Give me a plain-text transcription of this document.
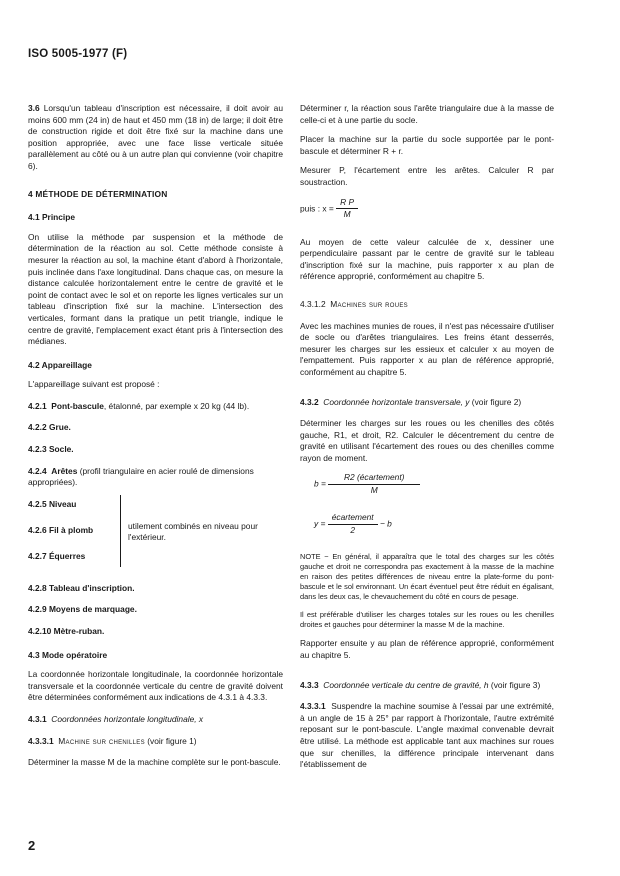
ISO 5005-1977 (F)

3.6 Lorsqu'un tableau d'inscription est nécessaire, il doit avoir au moins 600 mm (24 in) de haut et 450 mm (18 in) de large; il doit être de construction rigide et doit être fixé sur la machine dans une position appropriée, avec une face lisse verticale située parallèlement au côté ou à un autre plan qui convienne (voir chapitre 6).

4 MÉTHODE DE DÉTERMINATION
4.1 Principe

On utilise la méthode par suspension et la méthode de détermination de la réaction au sol. Cette méthode consiste à mesurer la réaction au sol, la machine étant d'abord à l'horizontale, puis inclinée dans l'axe longitudinal. Dans chaque cas, on mesure la distance calculée horizontalement entre le centre de gravité et le point de contact avec le sol et on reporte les lignes verticales sur un tableau d'inscription fixé sur la machine. L'intersection des verticales, formant dans la pratique un petit triangle, indique le centre de gravité, l'emplacement exact étant pris à l'intersection des médianes.

4.2 Appareillage

L'appareillage suivant est proposé :

4.2.1 Pont-bascule, étalonné, par exemple x 20 kg (44 lb).
4.2.2 Grue.
4.2.3 Socle.
4.2.4 Arêtes (profil triangulaire en acier roulé de dimensions appropriées).
4.2.5 Niveau
4.2.6 Fil à plomb
4.2.7 Équerres
utilement combinés en niveau pour l'extérieur.
4.2.8 Tableau d'inscription.
4.2.9 Moyens de marquage.
4.2.10 Mètre-ruban.
4.3 Mode opératoire

La coordonnée horizontale longitudinale, la coordonnée horizontale transversale et la coordonnée verticale du centre de gravité doivent être déterminées conformément aux indications de 4.3.1 à 4.3.3.

4.3.1 Coordonnées horizontale longitudinale, x
4.3.3.1 Machine sur chenilles (voir figure 1)

Déterminer la masse M de la machine complète sur le pont-bascule.

Déterminer r, la réaction sous l'arête triangulaire due à la masse de celle-ci et à une partie du socle.

Placer la machine sur la partie du socle supportée par le pont-bascule et déterminer R + r.

Mesurer P, l'écartement entre les arêtes. Calculer R par soustraction.

puis : $x = \frac{\text{R P}}{M}$

Au moyen de cette valeur calculée de x, dessiner une perpendiculaire passant par le centre de gravité sur le tableau d'inscription fixé sur la machine, puis rapporter x au plan de référence approprié, conformément au chapitre 5.

4.3.1.2 Machines sur roues

Avec les machines munies de roues, il n'est pas nécessaire d'utiliser de socle ou d'arêtes triangulaires. Les freins étant desserrés, mesurer les charges sur les essieux et calculer x au moyen de l'empattement. Puis rapporter x au plan de référence approprié, conformément au chapitre 5.

4.3.2 Coordonnée horizontale transversale, y (voir figure 2)

Déterminer les charges sur les roues ou les chenilles des côtés gauche, R1, et droit, R2. Calculer le décentrement du centre de gravité en utilisant l'écartement des roues ou des chenilles comme rayon de moment.

$b = \frac{\text{R2 (écartement)}}{M}$
$y = \frac{\text{écartement}}{2} - b$

NOTE − En général, il apparaîtra que le total des charges sur les côtés gauche et droit ne correspondra pas exactement à la masse de la machine en raison des petites différences de niveau entre la plate-forme du pont-bascule et le sol environnant. Un écart éventuel peut être réduit en égalisant, dans les deux cas, le chevauchement du côté en cours de pesage.

Il est préférable d'utiliser les charges totales sur les roues ou les chenilles droites et gauches pour déterminer la masse M de la machine.

Rapporter ensuite y au plan de référence approprié, conformément au chapitre 5.

4.3.3 Coordonnée verticale du centre de gravité, h (voir figure 3)

4.3.3.1 Suspendre la machine soumise à l'essai par une extrémité, à un angle de 15 à 25° par rapport à l'horizontale, l'autre extrémité reposant sur le pont-bascule. L'angle maximal convenable devrait être utilisé. La méthode est applicable tant aux machines sur roues que sur chenilles, la différence principale intervenant dans l'établissement de

2
